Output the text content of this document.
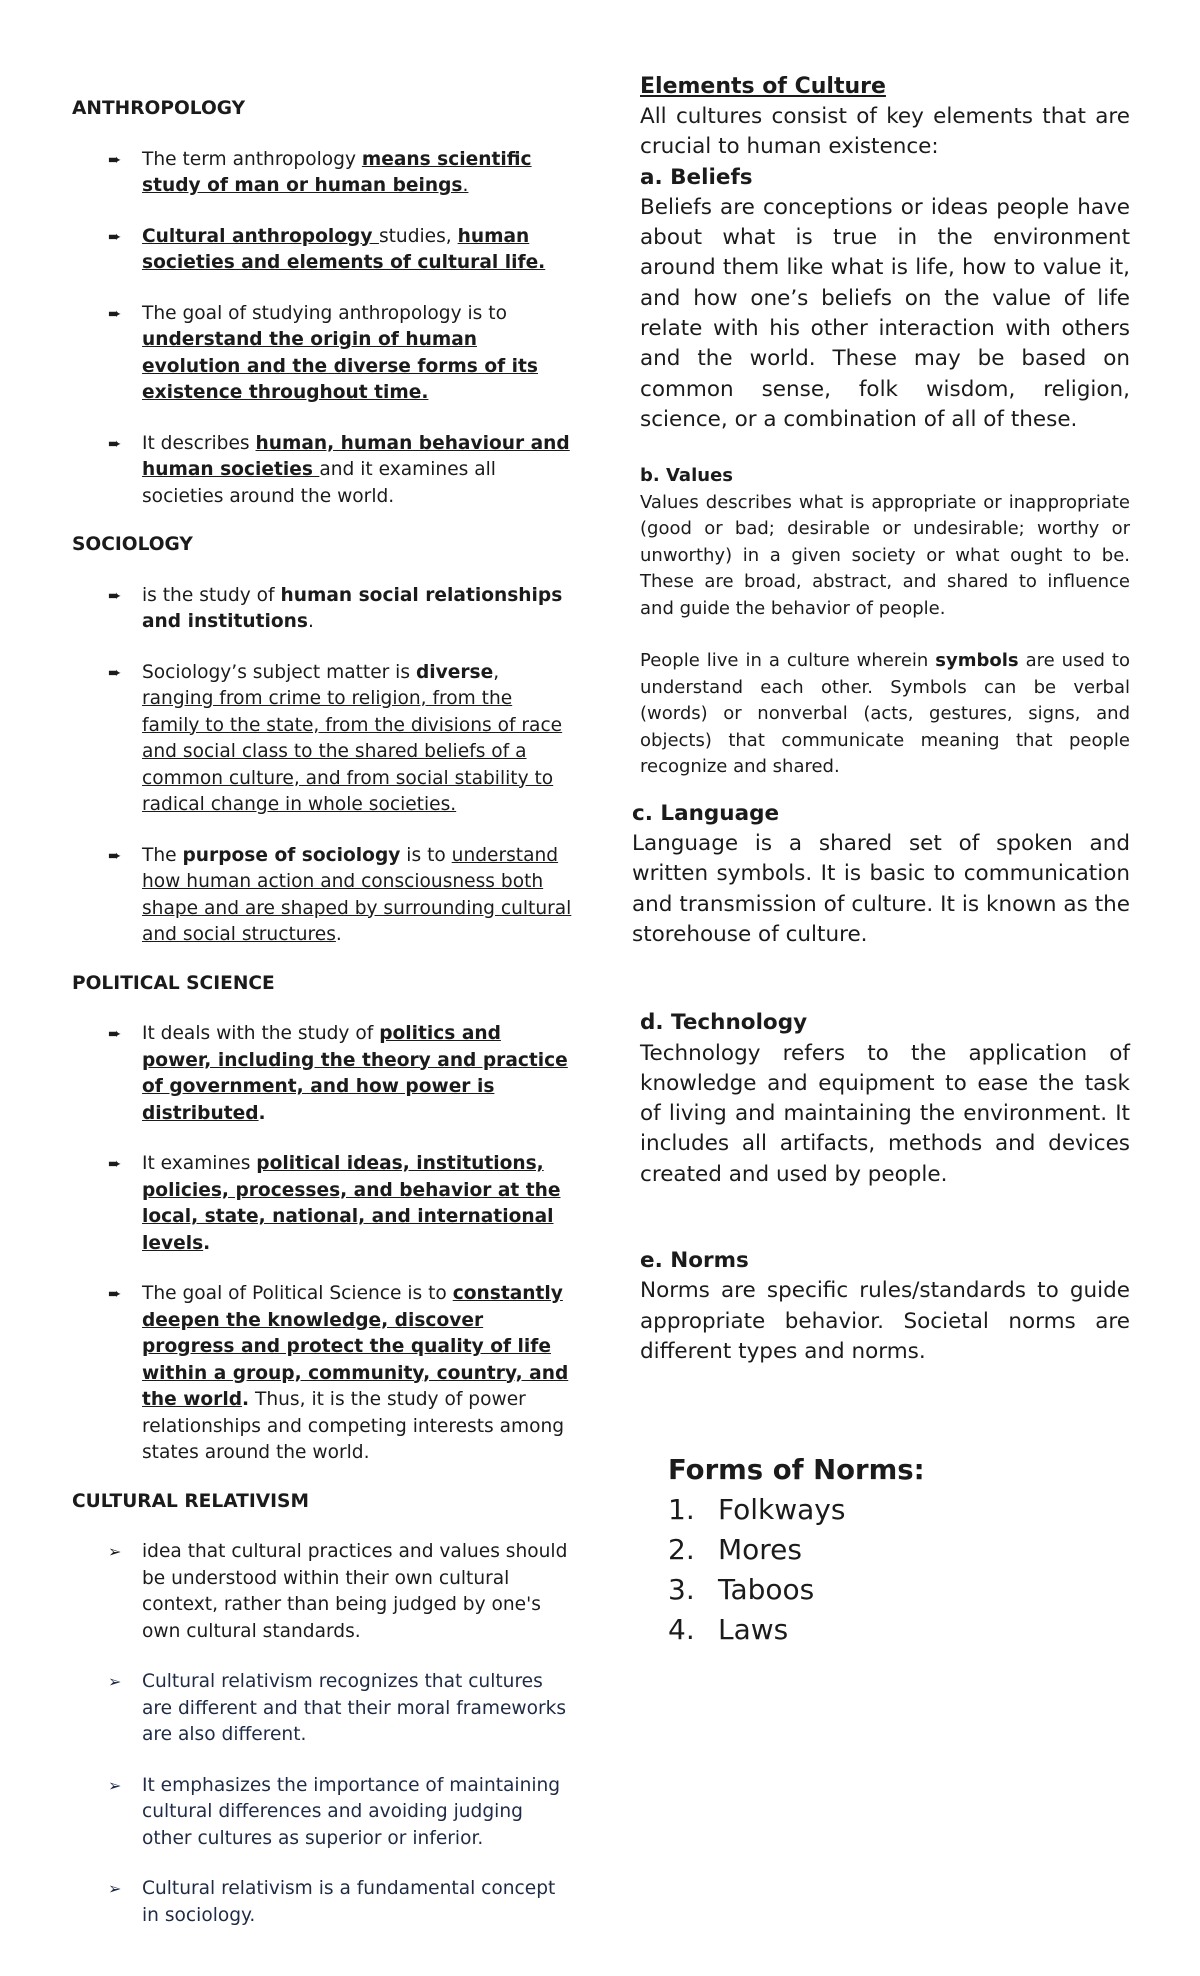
ANTHROPOLOGY

➨ The term anthropology means scientific study of man or human beings.
➨ Cultural anthropology studies, human societies and elements of cultural life.
➨ The goal of studying anthropology is to understand the origin of human evolution and the diverse forms of its existence throughout time.
➨ It describes human, human behaviour and human societies and it examines all societies around the world.

SOCIOLOGY

➨ is the study of human social relationships and institutions.
➨ Sociology’s subject matter is diverse, ranging from crime to religion, from the family to the state, from the divisions of race and social class to the shared beliefs of a common culture, and from social stability to radical change in whole societies.
➨ The purpose of sociology is to understand how human action and consciousness both shape and are shaped by surrounding cultural and social structures.

POLITICAL SCIENCE

➨ It deals with the study of politics and power, including the theory and practice of government, and how power is distributed.
➨ It examines political ideas, institutions, policies, processes, and behavior at the local, state, national, and international levels.
➨ The goal of Political Science is to constantly deepen the knowledge, discover progress and protect the quality of life within a group, community, country, and the world. Thus, it is the study of power relationships and competing interests among states around the world.

CULTURAL RELATIVISM

➢ idea that cultural practices and values should be understood within their own cultural context, rather than being judged by one's own cultural standards.
➢ Cultural relativism recognizes that cultures are different and that their moral frameworks are also different.
➢ It emphasizes the importance of maintaining cultural differences and avoiding judging other cultures as superior or inferior.
➢ Cultural relativism is a fundamental concept in sociology.
Elements of Culture
All cultures consist of key elements that are crucial to human existence:
a. Beliefs
Beliefs are conceptions or ideas people have about what is true in the environment around them like what is life, how to value it, and how one’s beliefs on the value of life relate with his other interaction with others and the world. These may be based on common sense, folk wisdom, religion, science, or a combination of all of these.
b. Values
Values describes what is appropriate or inappropriate (good or bad; desirable or undesirable; worthy or unworthy) in a given society or what ought to be. These are broad, abstract, and shared to influence and guide the behavior of people.
People live in a culture wherein symbols are used to understand each other. Symbols can be verbal (words) or nonverbal (acts, gestures, signs, and objects) that communicate meaning that people recognize and shared.
c. Language
Language is a shared set of spoken and written symbols. It is basic to communication and transmission of culture. It is known as the storehouse of culture.
d. Technology
Technology refers to the application of knowledge and equipment to ease the task of living and maintaining the environment. It includes all artifacts, methods and devices created and used by people.
e. Norms
Norms are specific rules/standards to guide appropriate behavior. Societal norms are different types and norms.
Forms of Norms:
1. Folkways
2. Mores
3. Taboos
4. Laws
